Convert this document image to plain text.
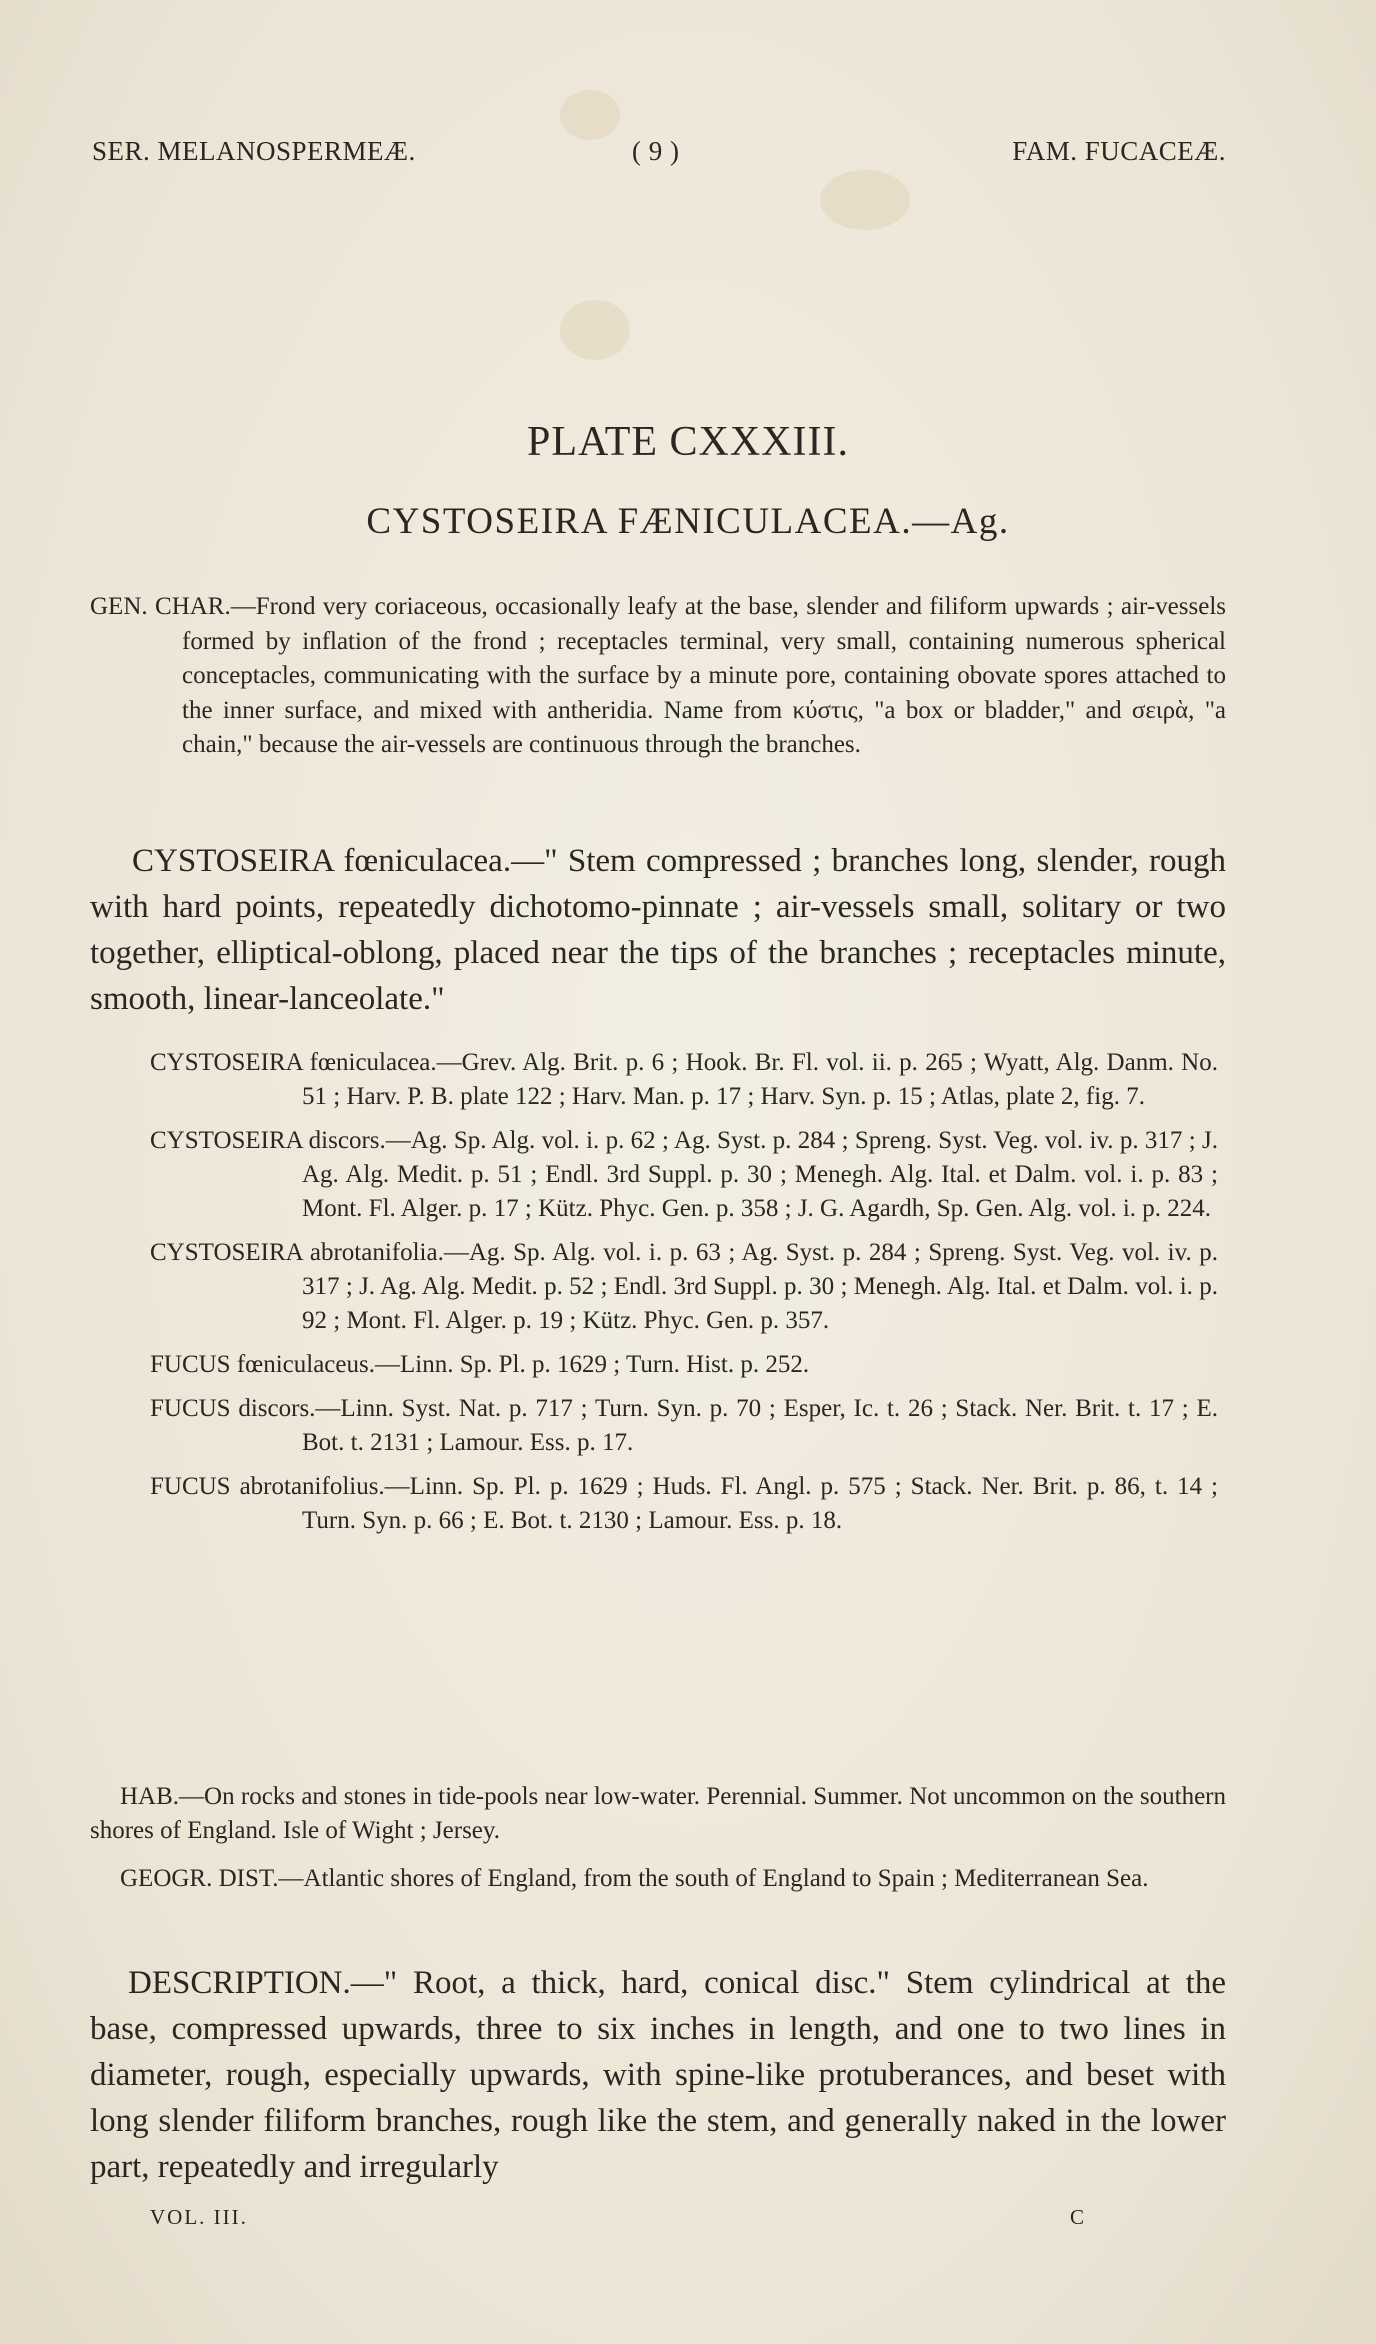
SER. MELANOSPERMEÆ.	( 9 )	FAM. FUCACEÆ.
PLATE CXXXIII.
CYSTOSEIRA FÆNICULACEA.—Ag.

GEN. CHAR.—Frond very coriaceous, occasionally leafy at the base, slender and filiform upwards ; air-vessels formed by inflation of the frond ; receptacles terminal, very small, containing numerous spherical conceptacles, communicating with the surface by a minute pore, containing obovate spores attached to the inner surface, and mixed with antheridia. Name from κύστις, "a box or bladder," and σειρὰ, "a chain," because the air-vessels are continuous through the branches.

CYSTOSEIRA fœniculacea.—" Stem compressed ; branches long, slender, rough with hard points, repeatedly dichotomo-pinnate ; air-vessels small, solitary or two together, elliptical-oblong, placed near the tips of the branches ; receptacles minute, smooth, linear-lanceolate."

CYSTOSEIRA fœniculacea.—Grev. Alg. Brit. p. 6 ; Hook. Br. Fl. vol. ii. p. 265 ; Wyatt, Alg. Danm. No. 51 ; Harv. P. B. plate 122 ; Harv. Man. p. 17 ; Harv. Syn. p. 15 ; Atlas, plate 2, fig. 7.

CYSTOSEIRA discors.—Ag. Sp. Alg. vol. i. p. 62 ; Ag. Syst. p. 284 ; Spreng. Syst. Veg. vol. iv. p. 317 ; J. Ag. Alg. Medit. p. 51 ; Endl. 3rd Suppl. p. 30 ; Menegh. Alg. Ital. et Dalm. vol. i. p. 83 ; Mont. Fl. Alger. p. 17 ; Kütz. Phyc. Gen. p. 358 ; J. G. Agardh, Sp. Gen. Alg. vol. i. p. 224.

CYSTOSEIRA abrotanifolia.—Ag. Sp. Alg. vol. i. p. 63 ; Ag. Syst. p. 284 ; Spreng. Syst. Veg. vol. iv. p. 317 ; J. Ag. Alg. Medit. p. 52 ; Endl. 3rd Suppl. p. 30 ; Menegh. Alg. Ital. et Dalm. vol. i. p. 92 ; Mont. Fl. Alger. p. 19 ; Kütz. Phyc. Gen. p. 357.

FUCUS fœniculaceus.—Linn. Sp. Pl. p. 1629 ; Turn. Hist. p. 252.

FUCUS discors.—Linn. Syst. Nat. p. 717 ; Turn. Syn. p. 70 ; Esper, Ic. t. 26 ; Stack. Ner. Brit. t. 17 ; E. Bot. t. 2131 ; Lamour. Ess. p. 17.

FUCUS abrotanifolius.—Linn. Sp. Pl. p. 1629 ; Huds. Fl. Angl. p. 575 ; Stack. Ner. Brit. p. 86, t. 14 ; Turn. Syn. p. 66 ; E. Bot. t. 2130 ; Lamour. Ess. p. 18.

HAB.—On rocks and stones in tide-pools near low-water. Perennial. Summer. Not uncommon on the southern shores of England. Isle of Wight ; Jersey.

GEOGR. DIST.—Atlantic shores of England, from the south of England to Spain ; Mediterranean Sea.

DESCRIPTION.—" Root, a thick, hard, conical disc." Stem cylindrical at the base, compressed upwards, three to six inches in length, and one to two lines in diameter, rough, especially upwards, with spine-like protuberances, and beset with long slender filiform branches, rough like the stem, and generally naked in the lower part, repeatedly and irregularly

VOL. III.	C
